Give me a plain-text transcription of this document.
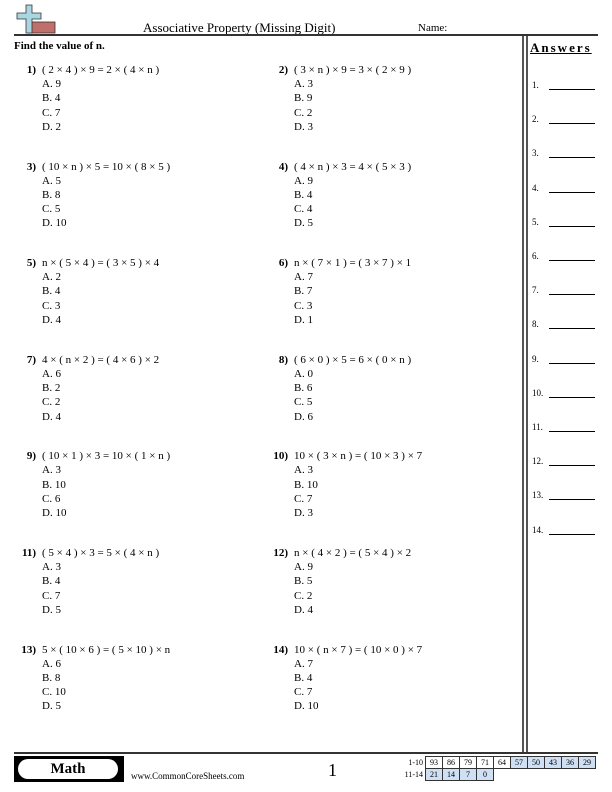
Associative Property (Missing Digit)	Name:
Find the value of n.	Answers
1.
2.
3.
4.
5.
6.
7.
8.
9.
10.
11.
12.
13.
14.
1) ( 2 × 4 ) × 9 = 2 × ( 4 × n )
A. 9
B. 4
C. 7
D. 2
2) ( 3 × n ) × 9 = 3 × ( 2 × 9 )
A. 3
B. 9
C. 2
D. 3
3) ( 10 × n ) × 5 = 10 × ( 8 × 5 )
A. 5
B. 8
C. 5
D. 10
4) ( 4 × n ) × 3 = 4 × ( 5 × 3 )
A. 9
B. 4
C. 4
D. 5
5) n × ( 5 × 4 ) = ( 3 × 5 ) × 4
A. 2
B. 4
C. 3
D. 4
6) n × ( 7 × 1 ) = ( 3 × 7 ) × 1
A. 7
B. 7
C. 3
D. 1
7) 4 × ( n × 2 ) = ( 4 × 6 ) × 2
A. 6
B. 2
C. 2
D. 4
8) ( 6 × 0 ) × 5 = 6 × ( 0 × n )
A. 0
B. 6
C. 5
D. 6
9) ( 10 × 1 ) × 3 = 10 × ( 1 × n )
A. 3
B. 10
C. 6
D. 10
10) 10 × ( 3 × n ) = ( 10 × 3 ) × 7
A. 3
B. 10
C. 7
D. 3
11) ( 5 × 4 ) × 3 = 5 × ( 4 × n )
A. 3
B. 4
C. 7
D. 5
12) n × ( 4 × 2 ) = ( 5 × 4 ) × 2
A. 9
B. 5
C. 2
D. 4
13) 5 × ( 10 × 6 ) = ( 5 × 10 ) × n
A. 6
B. 8
C. 10
D. 5
14) 10 × ( n × 7 ) = ( 10 × 0 ) × 7
A. 7
B. 4
C. 7
D. 10
Math	www.CommonCoreSheets.com	1	1-10	93	86	79	71	64	57	50	43	36	29
11-14	21	14	7	0						
